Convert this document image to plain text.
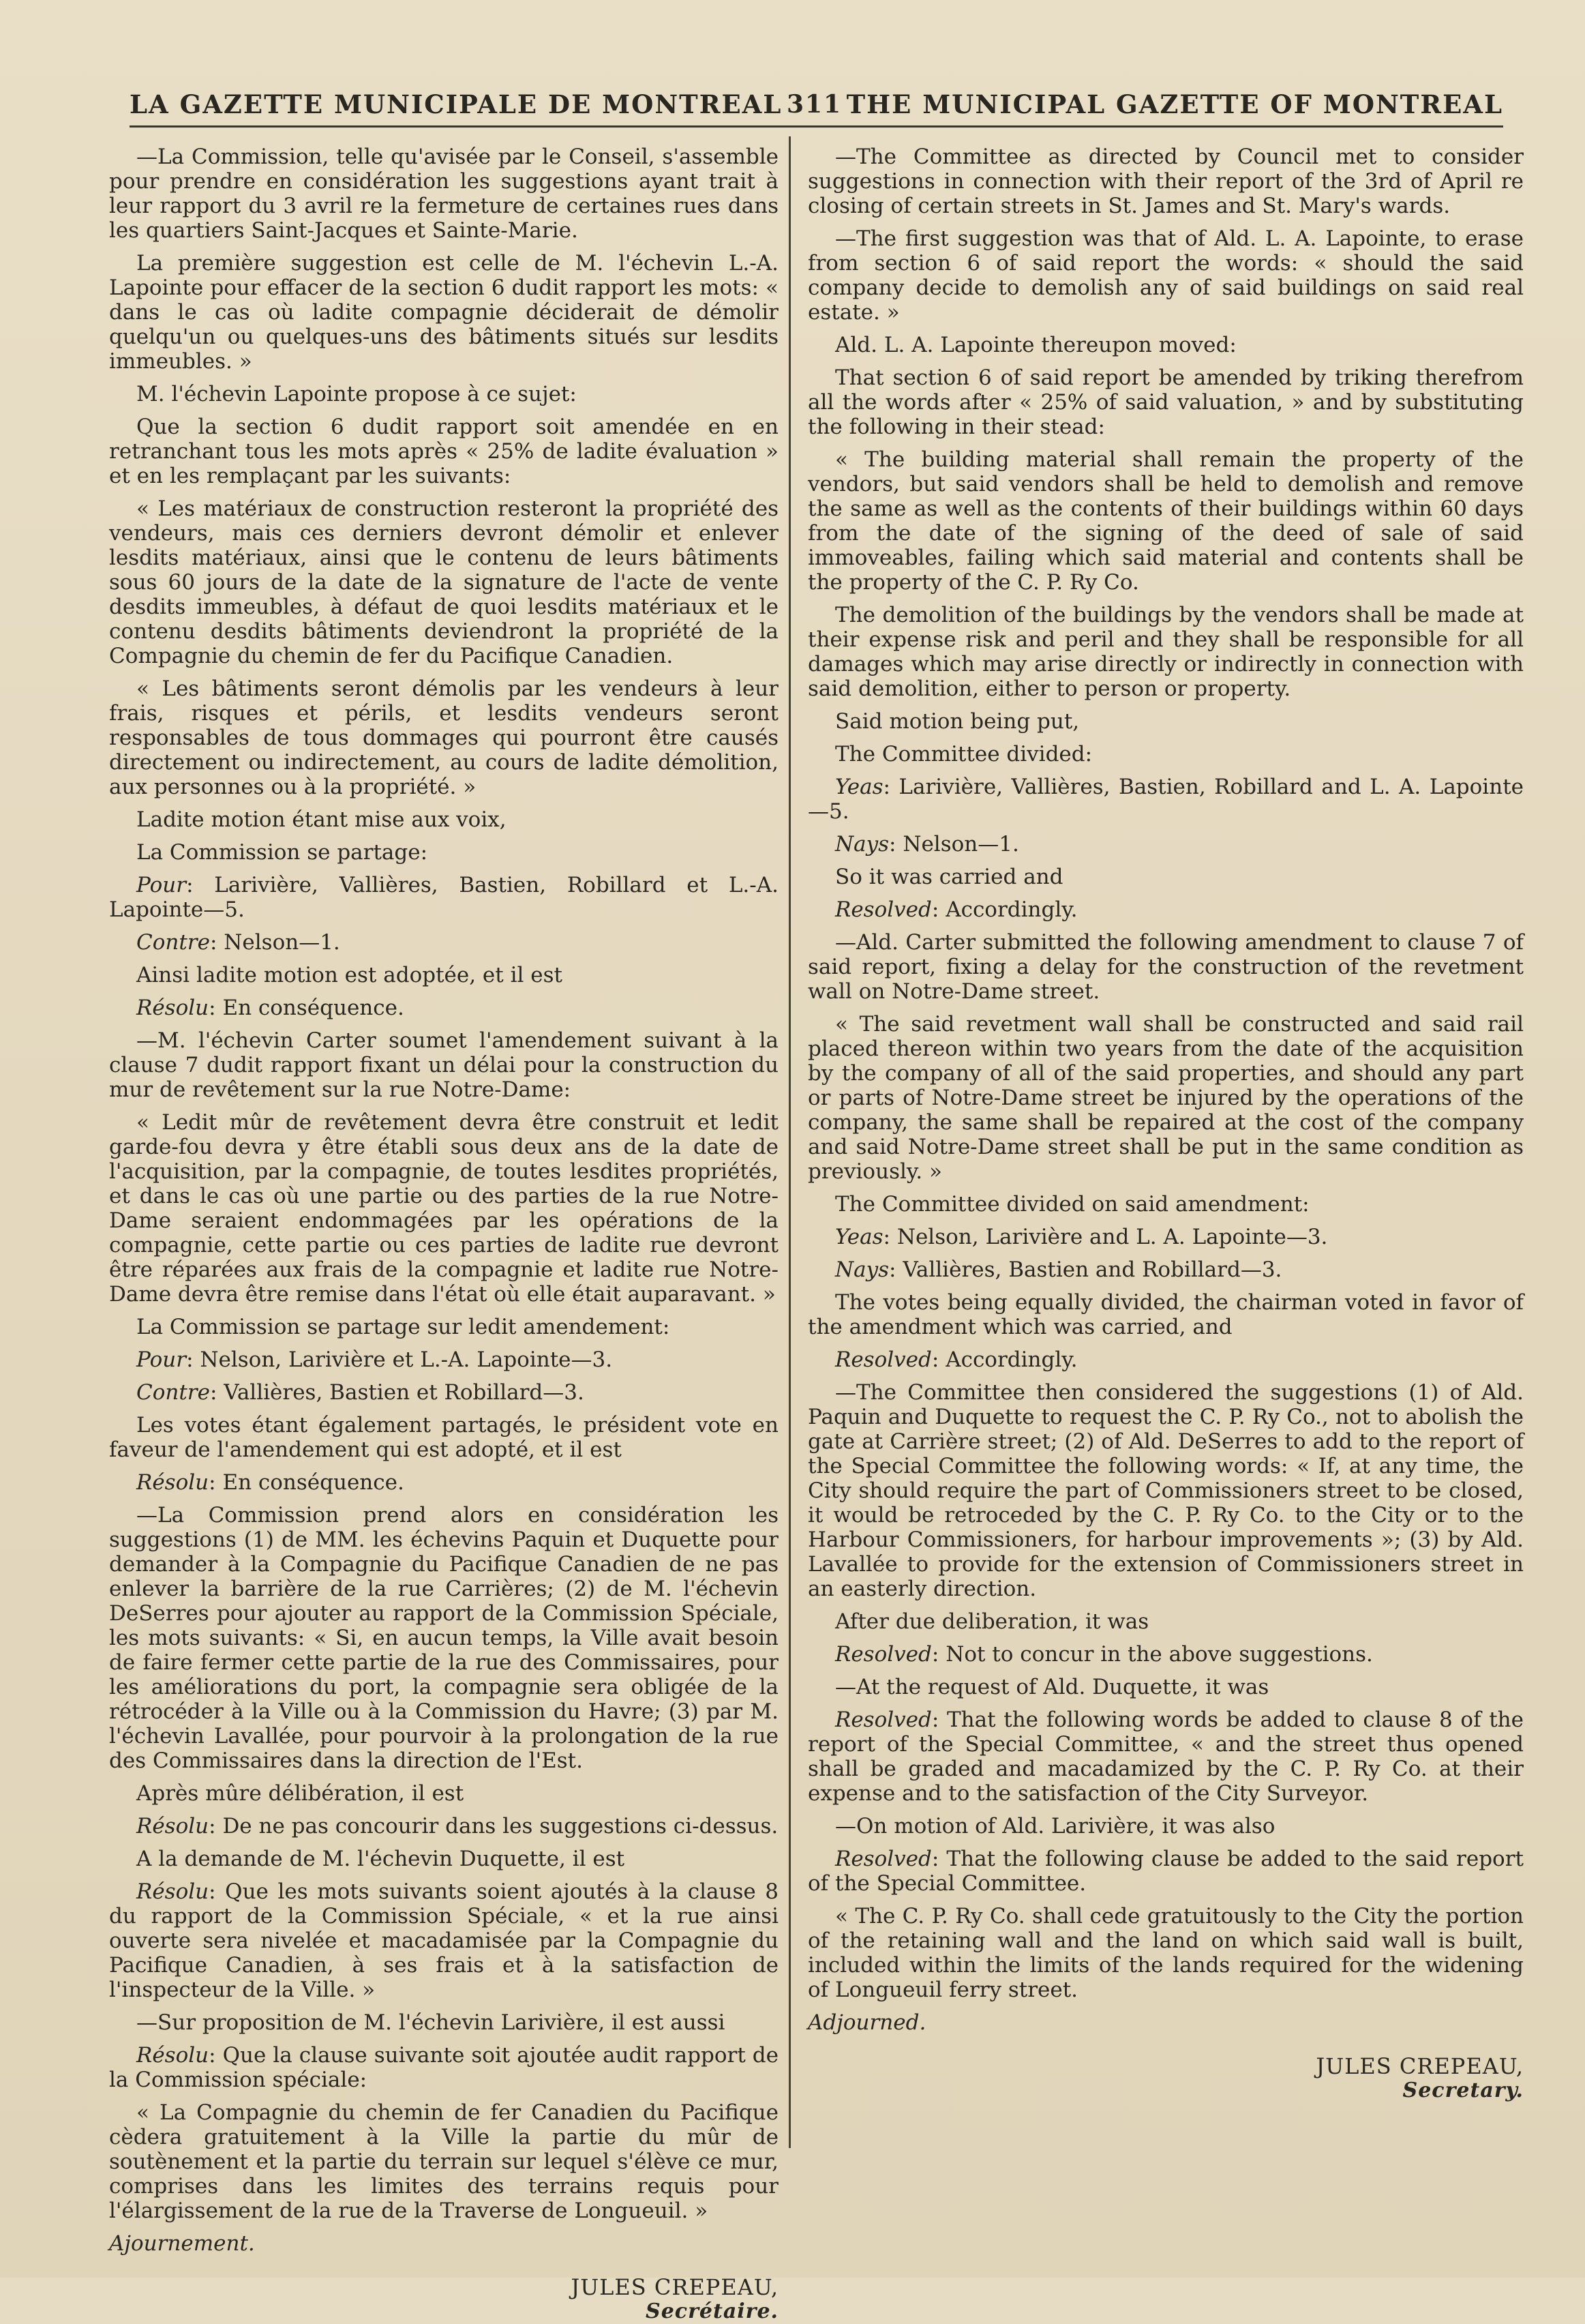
LA GAZETTE MUNICIPALE DE MONTREAL 311 THE MUNICIPAL GAZETTE OF MONTREAL

—La Commission, telle qu'avisée par le Conseil, s'assemble pour prendre en considération les suggestions ayant trait à leur rapport du 3 avril re la fermeture de certaines rues dans les quartiers Saint-Jacques et Sainte-Marie.

La première suggestion est celle de M. l'échevin L.-A. Lapointe pour effacer de la section 6 dudit rapport les mots: « dans le cas où ladite compagnie déciderait de démolir quelqu'un ou quelques-uns des bâtiments situés sur lesdits immeubles. »

M. l'échevin Lapointe propose à ce sujet:

Que la section 6 dudit rapport soit amendée en en retranchant tous les mots après « 25% de ladite évaluation » et en les remplaçant par les suivants:

« Les matériaux de construction resteront la propriété des vendeurs, mais ces derniers devront démolir et enlever lesdits matériaux, ainsi que le contenu de leurs bâtiments sous 60 jours de la date de la signature de l'acte de vente desdits immeubles, à défaut de quoi lesdits matériaux et le contenu desdits bâtiments deviendront la propriété de la Compagnie du chemin de fer du Pacifique Canadien.

« Les bâtiments seront démolis par les vendeurs à leur frais, risques et périls, et lesdits vendeurs seront responsables de tous dommages qui pourront être causés directement ou indirectement, au cours de ladite démolition, aux personnes ou à la propriété. »

Ladite motion étant mise aux voix,

La Commission se partage:

Pour: Larivière, Vallières, Bastien, Robillard et L.-A. Lapointe—5.

Contre: Nelson—1.

Ainsi ladite motion est adoptée, et il est

Résolu: En conséquence.

—M. l'échevin Carter soumet l'amendement suivant à la clause 7 dudit rapport fixant un délai pour la construction du mur de revêtement sur la rue Notre-Dame:

« Ledit mûr de revêtement devra être construit et ledit garde-fou devra y être établi sous deux ans de la date de l'acquisition, par la compagnie, de toutes lesdites propriétés, et dans le cas où une partie ou des parties de la rue Notre-Dame seraient endommagées par les opérations de la compagnie, cette partie ou ces parties de ladite rue devront être réparées aux frais de la compagnie et ladite rue Notre-Dame devra être remise dans l'état où elle était auparavant. »

La Commission se partage sur ledit amendement:

Pour: Nelson, Larivière et L.-A. Lapointe—3.

Contre: Vallières, Bastien et Robillard—3.

Les votes étant également partagés, le président vote en faveur de l'amendement qui est adopté, et il est

Résolu: En conséquence.

—La Commission prend alors en considération les suggestions (1) de MM. les échevins Paquin et Duquette pour demander à la Compagnie du Pacifique Canadien de ne pas enlever la barrière de la rue Carrières; (2) de M. l'échevin DeSerres pour ajouter au rapport de la Commission Spéciale, les mots suivants: « Si, en aucun temps, la Ville avait besoin de faire fermer cette partie de la rue des Commissaires, pour les améliorations du port, la compagnie sera obligée de la rétrocéder à la Ville ou à la Commission du Havre; (3) par M. l'échevin Lavallée, pour pourvoir à la prolongation de la rue des Commissaires dans la direction de l'Est.

Après mûre délibération, il est

Résolu: De ne pas concourir dans les suggestions ci-dessus.

A la demande de M. l'échevin Duquette, il est

Résolu: Que les mots suivants soient ajoutés à la clause 8 du rapport de la Commission Spéciale, « et la rue ainsi ouverte sera nivelée et macadamisée par la Compagnie du Pacifique Canadien, à ses frais et à la satisfaction de l'inspecteur de la Ville. »

—Sur proposition de M. l'échevin Larivière, il est aussi

Résolu: Que la clause suivante soit ajoutée audit rapport de la Commission spéciale:

« La Compagnie du chemin de fer Canadien du Pacifique cèdera gratuitement à la Ville la partie du mûr de soutènement et la partie du terrain sur lequel s'élève ce mur, comprises dans les limites des terrains requis pour l'élargissement de la rue de la Traverse de Longueuil. »

Ajournement.

JULES CREPEAU,
Secrétaire.

—The Committee as directed by Council met to consider suggestions in connection with their report of the 3rd of April re closing of certain streets in St. James and St. Mary's wards.

—The first suggestion was that of Ald. L. A. Lapointe, to erase from section 6 of said report the words: « should the said company decide to demolish any of said buildings on said real estate. »

Ald. L. A. Lapointe thereupon moved:

That section 6 of said report be amended by triking therefrom all the words after « 25% of said valuation, » and by substituting the following in their stead:

« The building material shall remain the property of the vendors, but said vendors shall be held to demolish and remove the same as well as the contents of their buildings within 60 days from the date of the signing of the deed of sale of said immoveables, failing which said material and contents shall be the property of the C. P. Ry Co.

The demolition of the buildings by the vendors shall be made at their expense risk and peril and they shall be responsible for all damages which may arise directly or indirectly in connection with said demolition, either to person or property.

Said motion being put,

The Committee divided:

Yeas: Larivière, Vallières, Bastien, Robillard and L. A. Lapointe—5.

Nays: Nelson—1.

So it was carried and

Resolved: Accordingly.

—Ald. Carter submitted the following amendment to clause 7 of said report, fixing a delay for the construction of the revetment wall on Notre-Dame street.

« The said revetment wall shall be constructed and said rail placed thereon within two years from the date of the acquisition by the company of all of the said properties, and should any part or parts of Notre-Dame street be injured by the operations of the company, the same shall be repaired at the cost of the company and said Notre-Dame street shall be put in the same condition as previously. »

The Committee divided on said amendment:

Yeas: Nelson, Larivière and L. A. Lapointe—3.

Nays: Vallières, Bastien and Robillard—3.

The votes being equally divided, the chairman voted in favor of the amendment which was carried, and

Resolved: Accordingly.

—The Committee then considered the suggestions (1) of Ald. Paquin and Duquette to request the C. P. Ry Co., not to abolish the gate at Carrière street; (2) of Ald. DeSerres to add to the report of the Special Committee the following words: « If, at any time, the City should require the part of Commissioners street to be closed, it would be retroceded by the C. P. Ry Co. to the City or to the Harbour Commissioners, for harbour improvements »; (3) by Ald. Lavallée to provide for the extension of Commissioners street in an easterly direction.

After due deliberation, it was

Resolved: Not to concur in the above suggestions.

—At the request of Ald. Duquette, it was

Resolved: That the following words be added to clause 8 of the report of the Special Committee, « and the street thus opened shall be graded and macadamized by the C. P. Ry Co. at their expense and to the satisfaction of the City Surveyor.

—On motion of Ald. Larivière, it was also

Resolved: That the following clause be added to the said report of the Special Committee.

« The C. P. Ry Co. shall cede gratuitously to the City the portion of the retaining wall and the land on which said wall is built, included within the limits of the lands required for the widening of Longueuil ferry street.

Adjourned.

JULES CREPEAU,
Secretary.
